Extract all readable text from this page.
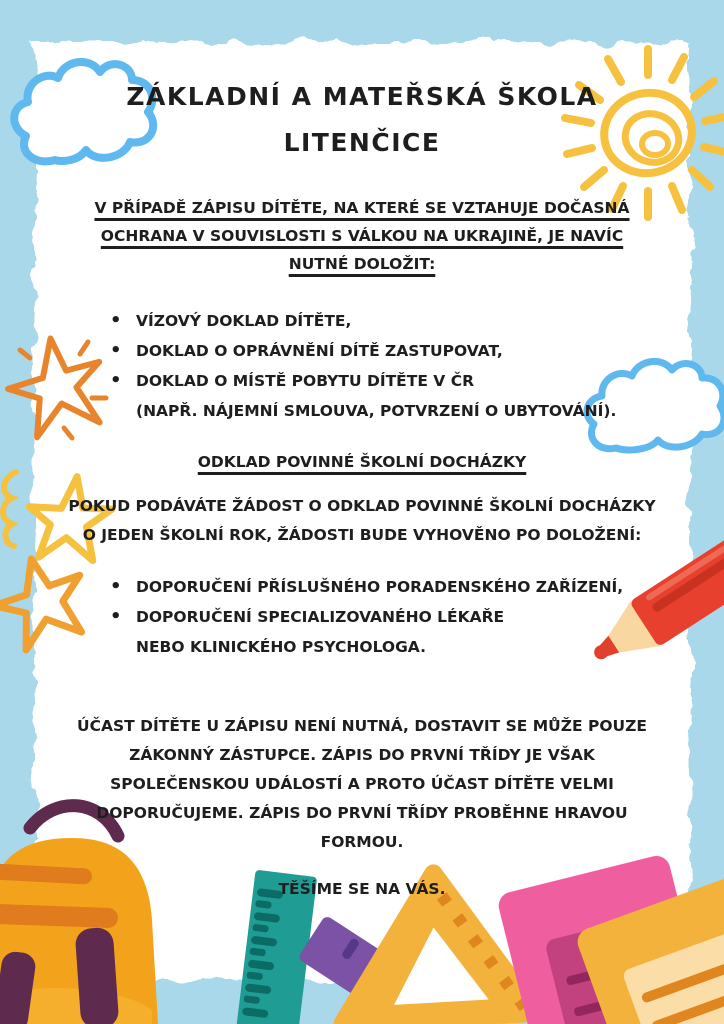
ZÁKLADNÍ A MATEŘSKÁ ŠKOLA
LITENČICE

V PŘÍPADĚ ZÁPISU DÍTĚTE, NA KTERÉ SE VZTAHUJE DOČASNÁ OCHRANA V SOUVISLOSTI S VÁLKOU NA UKRAJINĚ, JE NAVÍC NUTNÉ DOLOŽIT:

•
VÍZOVÝ DOKLAD DÍTĚTE,
•
DOKLAD O OPRÁVNĚNÍ DÍTĚ ZASTUPOVAT,
•
DOKLAD O MÍSTĚ POBYTU DÍTĚTE V ČR
(NAPŘ. NÁJEMNÍ SMLOUVA, POTVRZENÍ O UBYTOVÁNÍ).

ODKLAD POVINNÉ ŠKOLNÍ DOCHÁZKY

POKUD PODÁVÁTE ŽÁDOST O ODKLAD POVINNÉ ŠKOLNÍ DOCHÁZKY O JEDEN ŠKOLNÍ ROK, ŽÁDOSTI BUDE VYHOVĚNO PO DOLOŽENÍ:

•
DOPORUČENÍ PŘÍSLUŠNÉHO PORADENSKÉHO ZAŘÍZENÍ,
•
DOPORUČENÍ SPECIALIZOVANÉHO LÉKAŘE
NEBO KLINICKÉHO PSYCHOLOGA.

ÚČAST DÍTĚTE U ZÁPISU NENÍ NUTNÁ, DOSTAVIT SE MŮŽE POUZE ZÁKONNÝ ZÁSTUPCE. ZÁPIS DO PRVNÍ TŘÍDY JE VŠAK SPOLEČENSKOU UDÁLOSTÍ A PROTO ÚČAST DÍTĚTE VELMI DOPORUČUJEME. ZÁPIS DO PRVNÍ TŘÍDY PROBĚHNE HRAVOU FORMOU.

TĚŠÍME SE NA VÁS.
